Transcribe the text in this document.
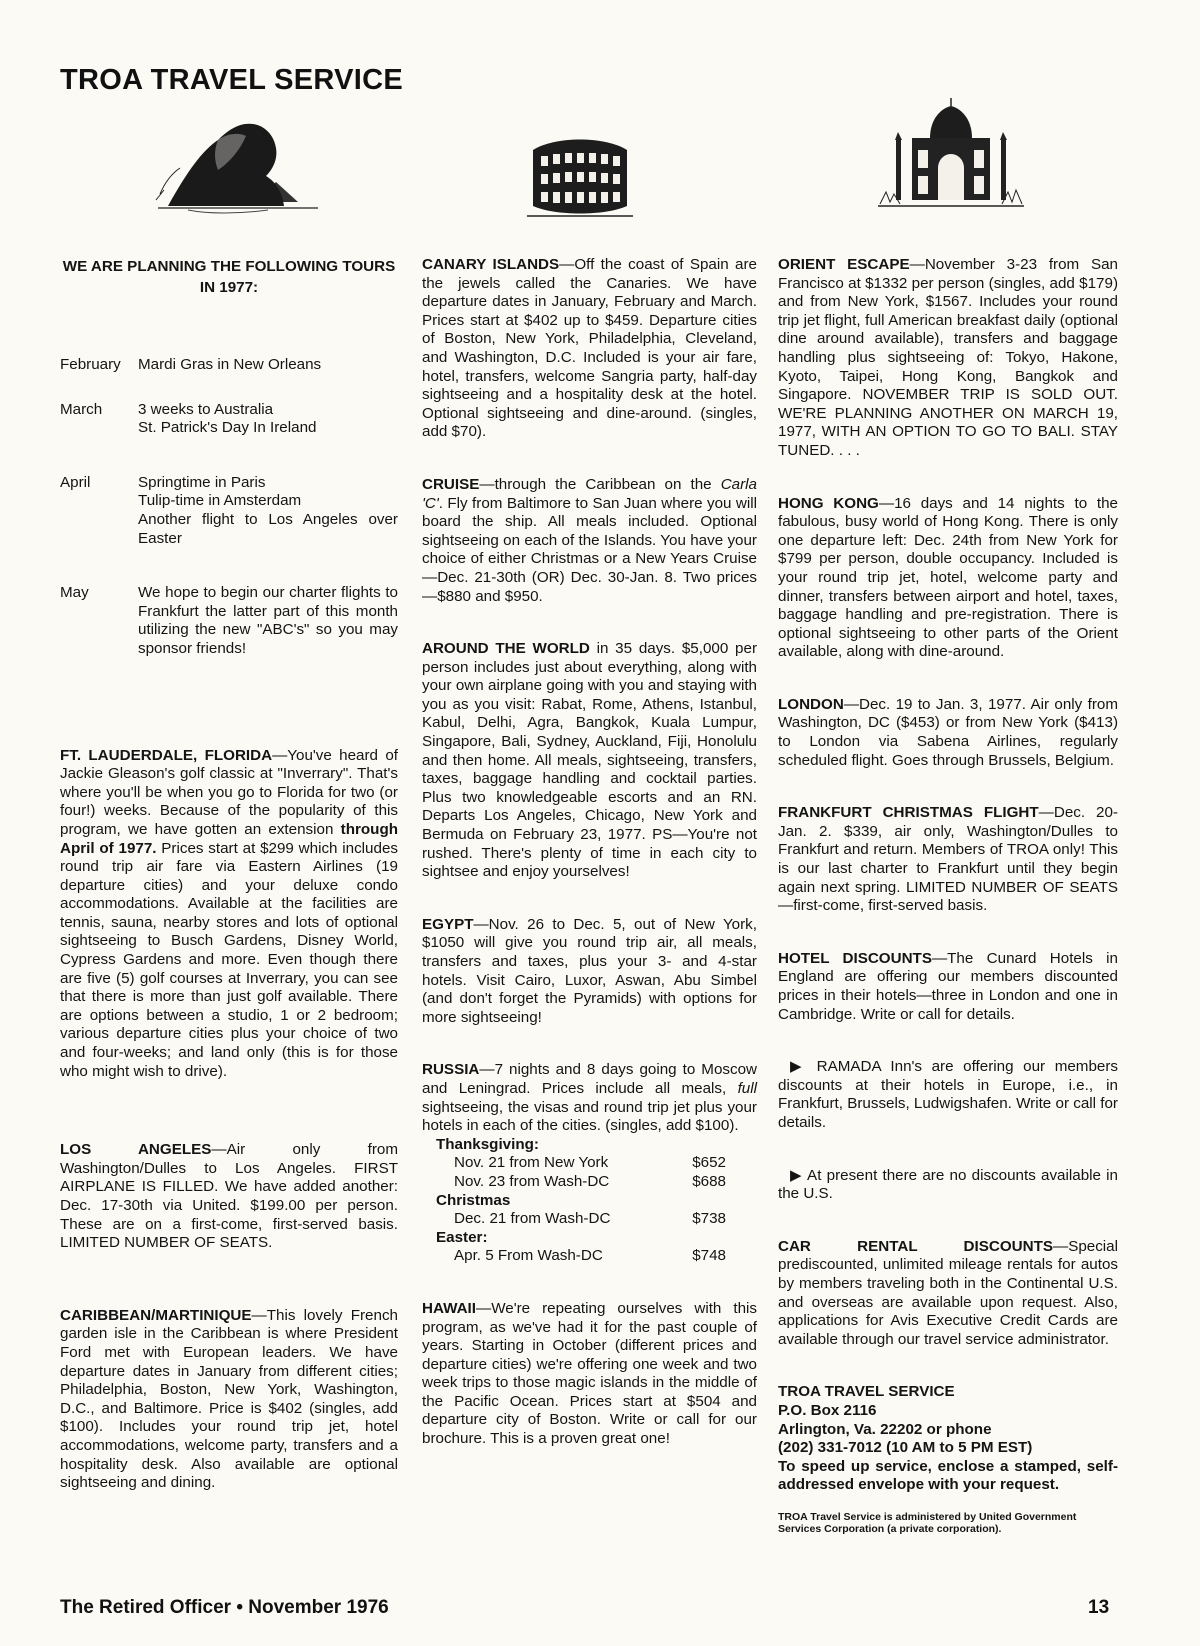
TROA TRAVEL SERVICE
WE ARE PLANNING THE FOLLOWING TOURS IN 1977:
February	Mardi Gras in New Orleans
March	3 weeks to Australia
St. Patrick's Day In Ireland
April	Springtime in Paris
Tulip-time in Amsterdam
Another flight to Los Angeles over Easter
May	We hope to begin our charter flights to Frankfurt the latter part of this month utilizing the new "ABC's" so you may sponsor friends!

FT. LAUDERDALE, FLORIDA—You've heard of Jackie Gleason's golf classic at "Inverrary". That's where you'll be when you go to Florida for two (or four!) weeks. Because of the popularity of this program, we have gotten an extension through April of 1977. Prices start at $299 which includes round trip air fare via Eastern Airlines (19 departure cities) and your deluxe condo accommodations. Available at the facilities are tennis, sauna, nearby stores and lots of optional sightseeing to Busch Gardens, Disney World, Cypress Gardens and more. Even though there are five (5) golf courses at Inverrary, you can see that there is more than just golf available. There are options between a studio, 1 or 2 bedroom; various departure cities plus your choice of two and four-weeks; and land only (this is for those who might wish to drive).

LOS ANGELES—Air only from Washington/Dulles to Los Angeles. FIRST AIRPLANE IS FILLED. We have added another: Dec. 17-30th via United. $199.00 per person. These are on a first-come, first-served basis. LIMITED NUMBER OF SEATS.

CARIBBEAN/MARTINIQUE—This lovely French garden isle in the Caribbean is where President Ford met with European leaders. We have departure dates in January from different cities; Philadelphia, Boston, New York, Washington, D.C., and Baltimore. Price is $402 (singles, add $100). Includes your round trip jet, hotel accommodations, welcome party, transfers and a hospitality desk. Also available are optional sightseeing and dining.

CANARY ISLANDS—Off the coast of Spain are the jewels called the Canaries. We have departure dates in January, February and March. Prices start at $402 up to $459. Departure cities of Boston, New York, Philadelphia, Cleveland, and Washington, D.C. Included is your air fare, hotel, transfers, welcome Sangria party, half-day sightseeing and a hospitality desk at the hotel. Optional sightseeing and dine-around. (singles, add $70).

CRUISE—through the Caribbean on the Carla 'C'. Fly from Baltimore to San Juan where you will board the ship. All meals included. Optional sightseeing on each of the Islands. You have your choice of either Christmas or a New Years Cruise—Dec. 21-30th (OR) Dec. 30-Jan. 8. Two prices—$880 and $950.

AROUND THE WORLD in 35 days. $5,000 per person includes just about everything, along with your own airplane going with you and staying with you as you visit: Rabat, Rome, Athens, Istanbul, Kabul, Delhi, Agra, Bangkok, Kuala Lumpur, Singapore, Bali, Sydney, Auckland, Fiji, Honolulu and then home. All meals, sightseeing, transfers, taxes, baggage handling and cocktail parties. Plus two knowledgeable escorts and an RN. Departs Los Angeles, Chicago, New York and Bermuda on February 23, 1977. PS—You're not rushed. There's plenty of time in each city to sightsee and enjoy yourselves!

EGYPT—Nov. 26 to Dec. 5, out of New York, $1050 will give you round trip air, all meals, transfers and taxes, plus your 3- and 4-star hotels. Visit Cairo, Luxor, Aswan, Abu Simbel (and don't forget the Pyramids) with options for more sightseeing!

RUSSIA—7 nights and 8 days going to Moscow and Leningrad. Prices include all meals, full sightseeing, the visas and round trip jet plus your hotels in each of the cities. (singles, add $100).

Thanksgiving:
Nov. 21 from New York	$652
Nov. 23 from Wash-DC	$688
Christmas
Dec. 21 from Wash-DC	$738
Easter:
Apr. 5 From Wash-DC	$748

HAWAII—We're repeating ourselves with this program, as we've had it for the past couple of years. Starting in October (different prices and departure cities) we're offering one week and two week trips to those magic islands in the middle of the Pacific Ocean. Prices start at $504 and departure city of Boston. Write or call for our brochure. This is a proven great one!

ORIENT ESCAPE—November 3-23 from San Francisco at $1332 per person (singles, add $179) and from New York, $1567. Includes your round trip jet flight, full American breakfast daily (optional dine around available), transfers and baggage handling plus sightseeing of: Tokyo, Hakone, Kyoto, Taipei, Hong Kong, Bangkok and Singapore. NOVEMBER TRIP IS SOLD OUT. WE'RE PLANNING ANOTHER ON MARCH 19, 1977, WITH AN OPTION TO GO TO BALI. STAY TUNED. . . .

HONG KONG—16 days and 14 nights to the fabulous, busy world of Hong Kong. There is only one departure left: Dec. 24th from New York for $799 per person, double occupancy. Included is your round trip jet, hotel, welcome party and dinner, transfers between airport and hotel, taxes, baggage handling and pre-registration. There is optional sightseeing to other parts of the Orient available, along with dine-around.

LONDON—Dec. 19 to Jan. 3, 1977. Air only from Washington, DC ($453) or from New York ($413) to London via Sabena Airlines, regularly scheduled flight. Goes through Brussels, Belgium.

FRANKFURT CHRISTMAS FLIGHT—Dec. 20-Jan. 2. $339, air only, Washington/Dulles to Frankfurt and return. Members of TROA only! This is our last charter to Frankfurt until they begin again next spring. LIMITED NUMBER OF SEATS—first-come, first-served basis.

HOTEL DISCOUNTS—The Cunard Hotels in England are offering our members discounted prices in their hotels—three in London and one in Cambridge. Write or call for details.

▶ RAMADA Inn's are offering our members discounts at their hotels in Europe, i.e., in Frankfurt, Brussels, Ludwigshafen. Write or call for details.

▶ At present there are no discounts available in the U.S.

CAR RENTAL DISCOUNTS—Special prediscounted, unlimited mileage rentals for autos by members traveling both in the Continental U.S. and overseas are available upon request. Also, applications for Avis Executive Credit Cards are available through our travel service administrator.

TROA TRAVEL SERVICE
P.O. Box 2116
Arlington, Va. 22202 or phone
(202) 331-7012 (10 AM to 5 PM EST)
To speed up service, enclose a stamped, self-addressed envelope with your request.
TROA Travel Service is administered by United Government Services Corporation (a private corporation).
The Retired Officer • November 1976	13
